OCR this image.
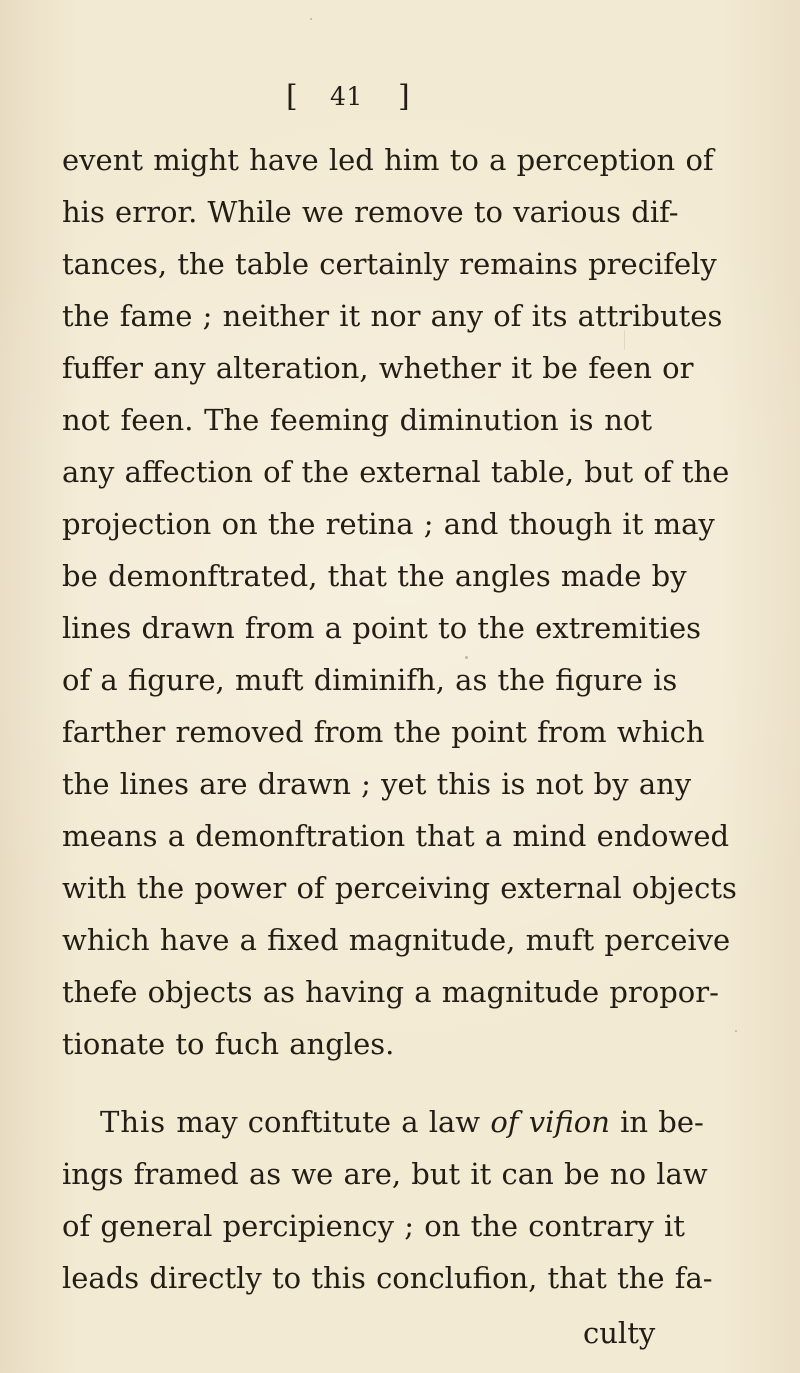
[ 41 ]
event might have led him to a perception of
his error. While we remove to various dif-
tances, the table certainly remains precifely
the fame ; neither it nor any of its attributes
fuffer any alteration, whether it be feen or
not feen. The feeming diminution is not
any affection of the external table, but of the
projection on the retina ; and though it may
be demonftrated, that the angles made by
lines drawn from a point to the extremities
of a figure, muft diminifh, as the figure is
farther removed from the point from which
the lines are drawn ; yet this is not by any
means a demonftration that a mind endowed
with the power of perceiving external objects
which have a fixed magnitude, muft perceive
thefe objects as having a magnitude propor-
tionate to fuch angles.
This may conftitute a law of vifion in be-
ings framed as we are, but it can be no law
of general percipiency ; on the contrary it
leads directly to this conclufion, that the fa-
culty
